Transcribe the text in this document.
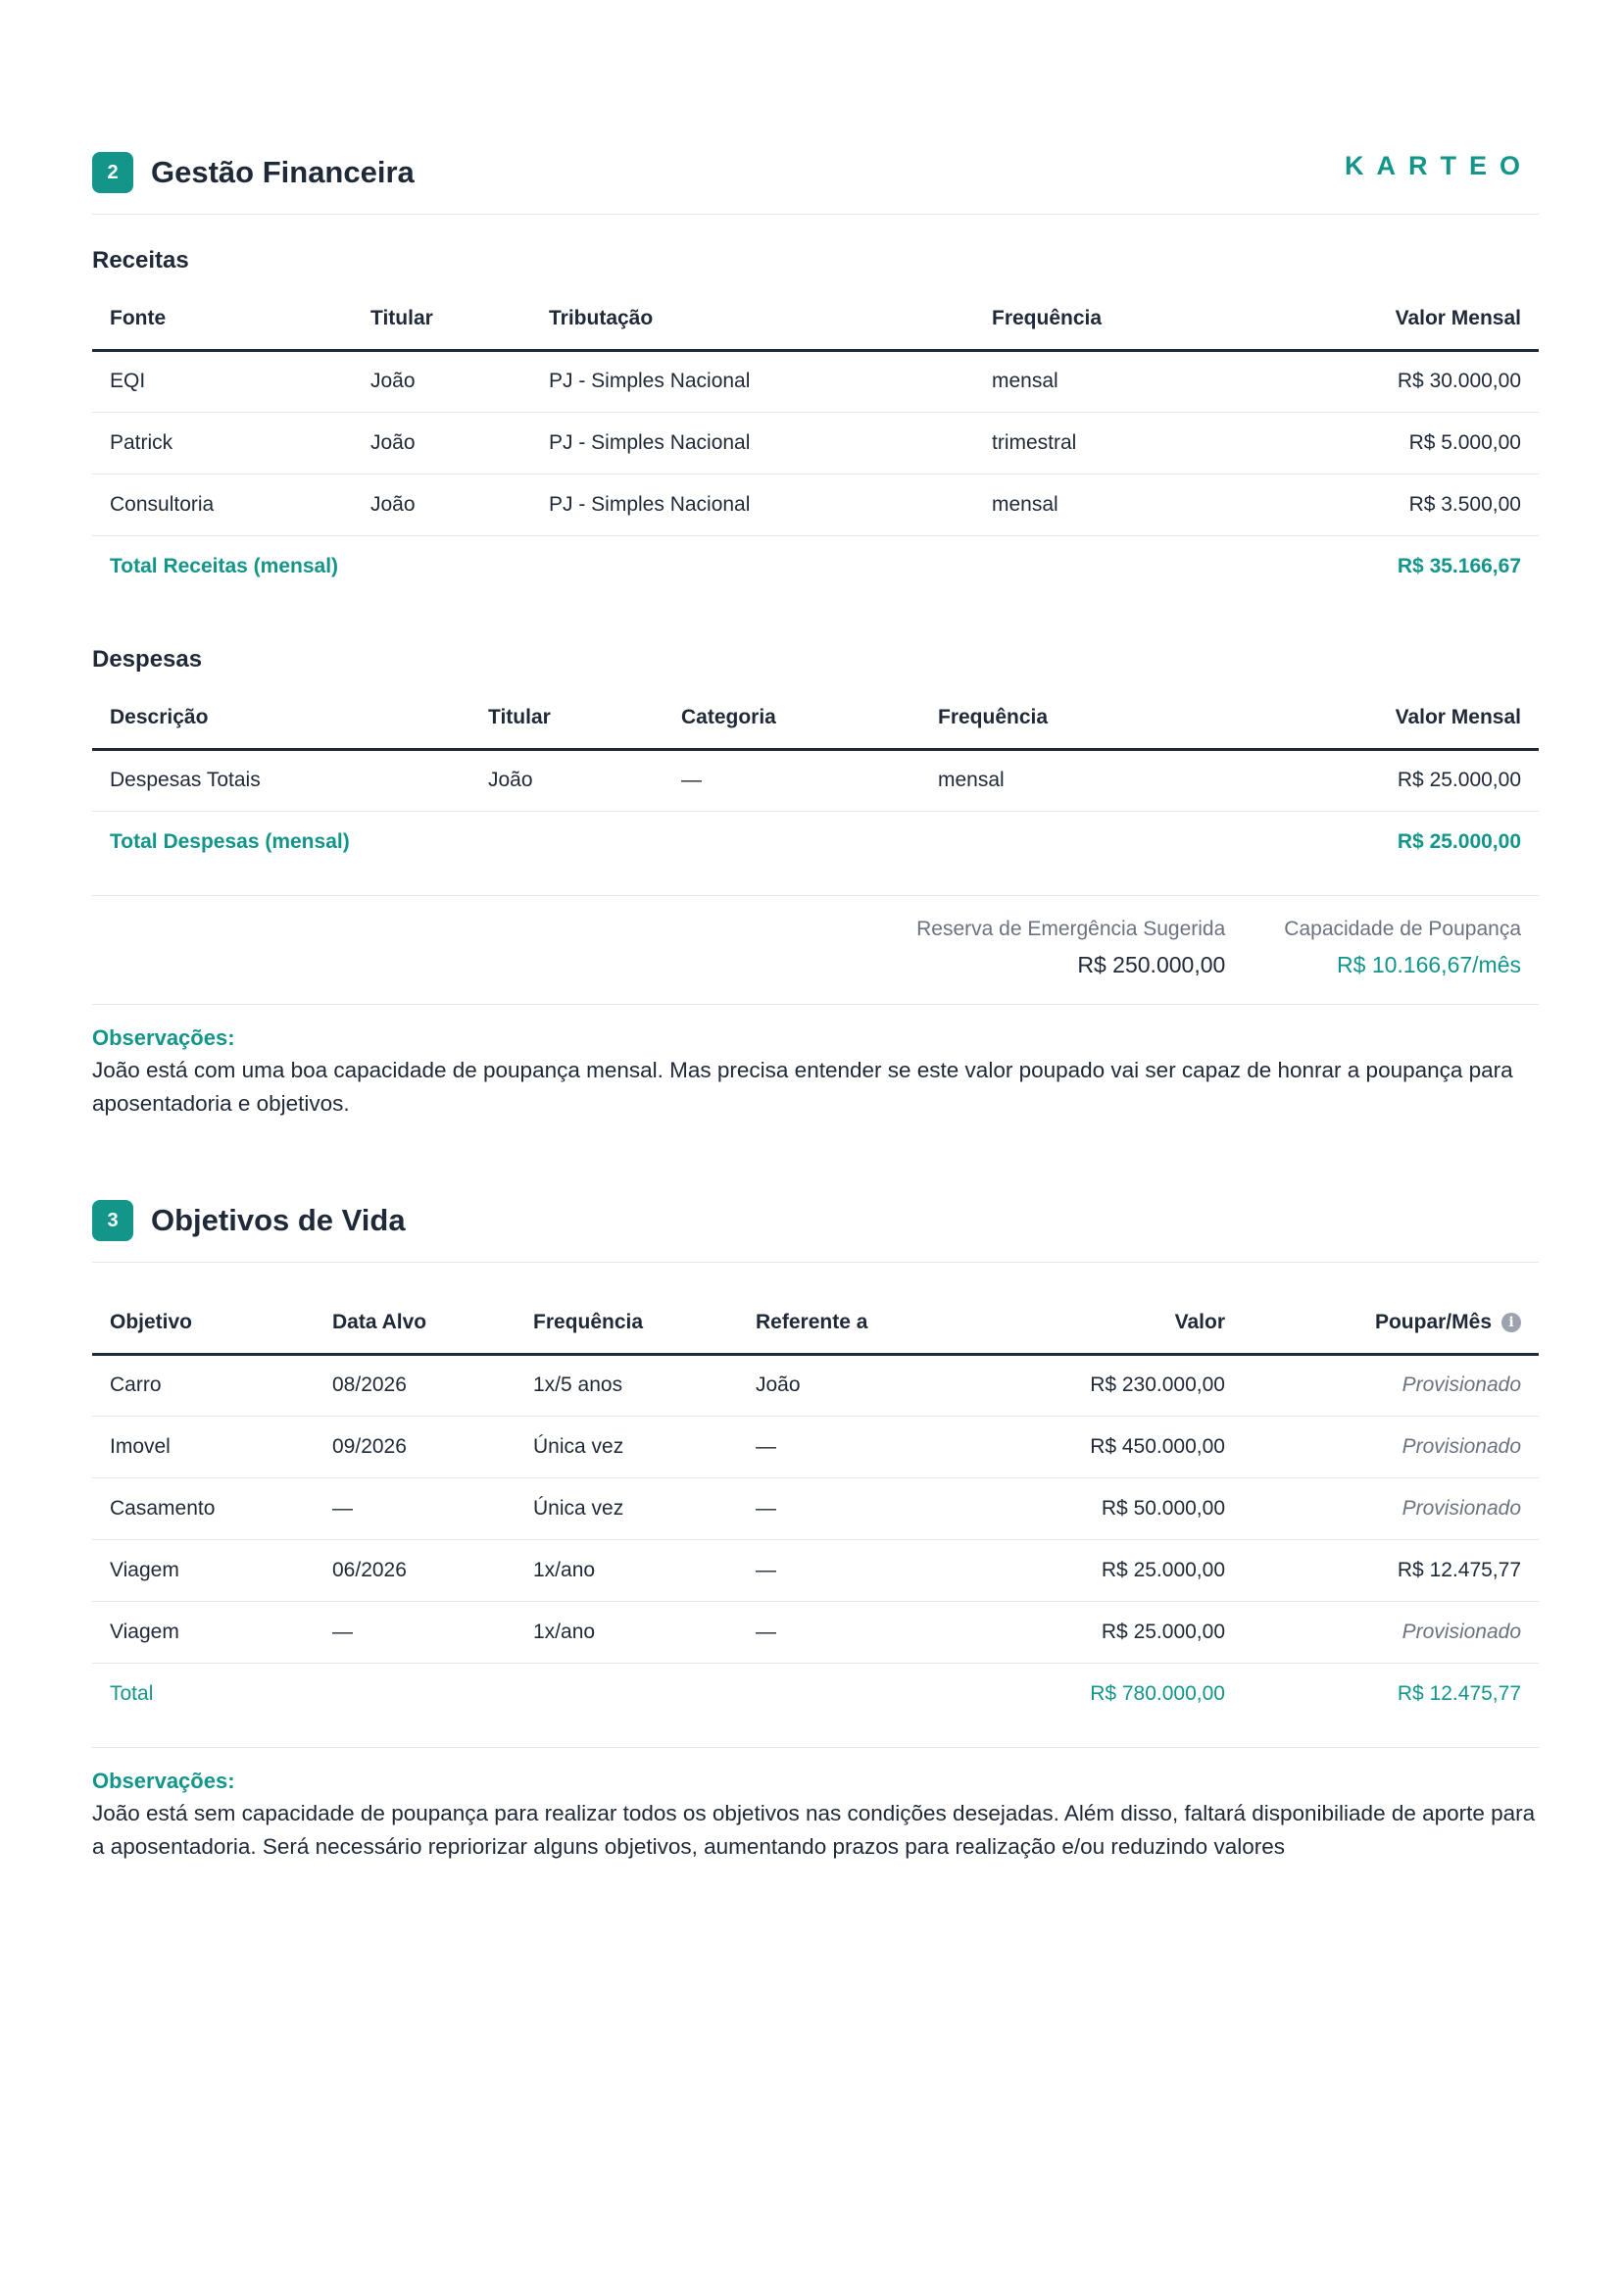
2	Gestão Financeira	KARTEO
Receitas
Fonte	Titular	Tributação	Frequência	Valor Mensal
EQI	João	PJ - Simples Nacional	mensal	R$ 30.000,00
Patrick	João	PJ - Simples Nacional	trimestral	R$ 5.000,00
Consultoria	João	PJ - Simples Nacional	mensal	R$ 3.500,00
Total Receitas (mensal)				R$ 35.166,67
Despesas
Descrição	Titular	Categoria	Frequência	Valor Mensal
Despesas Totais	João	—	mensal	R$ 25.000,00
Total Despesas (mensal)				R$ 25.000,00
Reserva de Emergência Sugerida
R$ 250.000,00
Capacidade de Poupança
R$ 10.166,67/mês
Observações:
João está com uma boa capacidade de poupança mensal. Mas precisa entender se este valor poupado vai ser capaz de honrar a poupança para aposentadoria e objetivos.
3	Objetivos de Vida
Objetivo	Data Alvo	Frequência	Referente a	Valor	Poupar/Mês i
Carro	08/2026	1x/5 anos	João	R$ 230.000,00	Provisionado
Imovel	09/2026	Única vez	—	R$ 450.000,00	Provisionado
Casamento	—	Única vez	—	R$ 50.000,00	Provisionado
Viagem	06/2026	1x/ano	—	R$ 25.000,00	R$ 12.475,77
Viagem	—	1x/ano	—	R$ 25.000,00	Provisionado
Total				R$ 780.000,00	R$ 12.475,77
Observações:
João está sem capacidade de poupança para realizar todos os objetivos nas condições desejadas. Além disso, faltará disponibiliade de aporte para a aposentadoria. Será necessário repriorizar alguns objetivos, aumentando prazos para realização e/ou reduzindo valores
